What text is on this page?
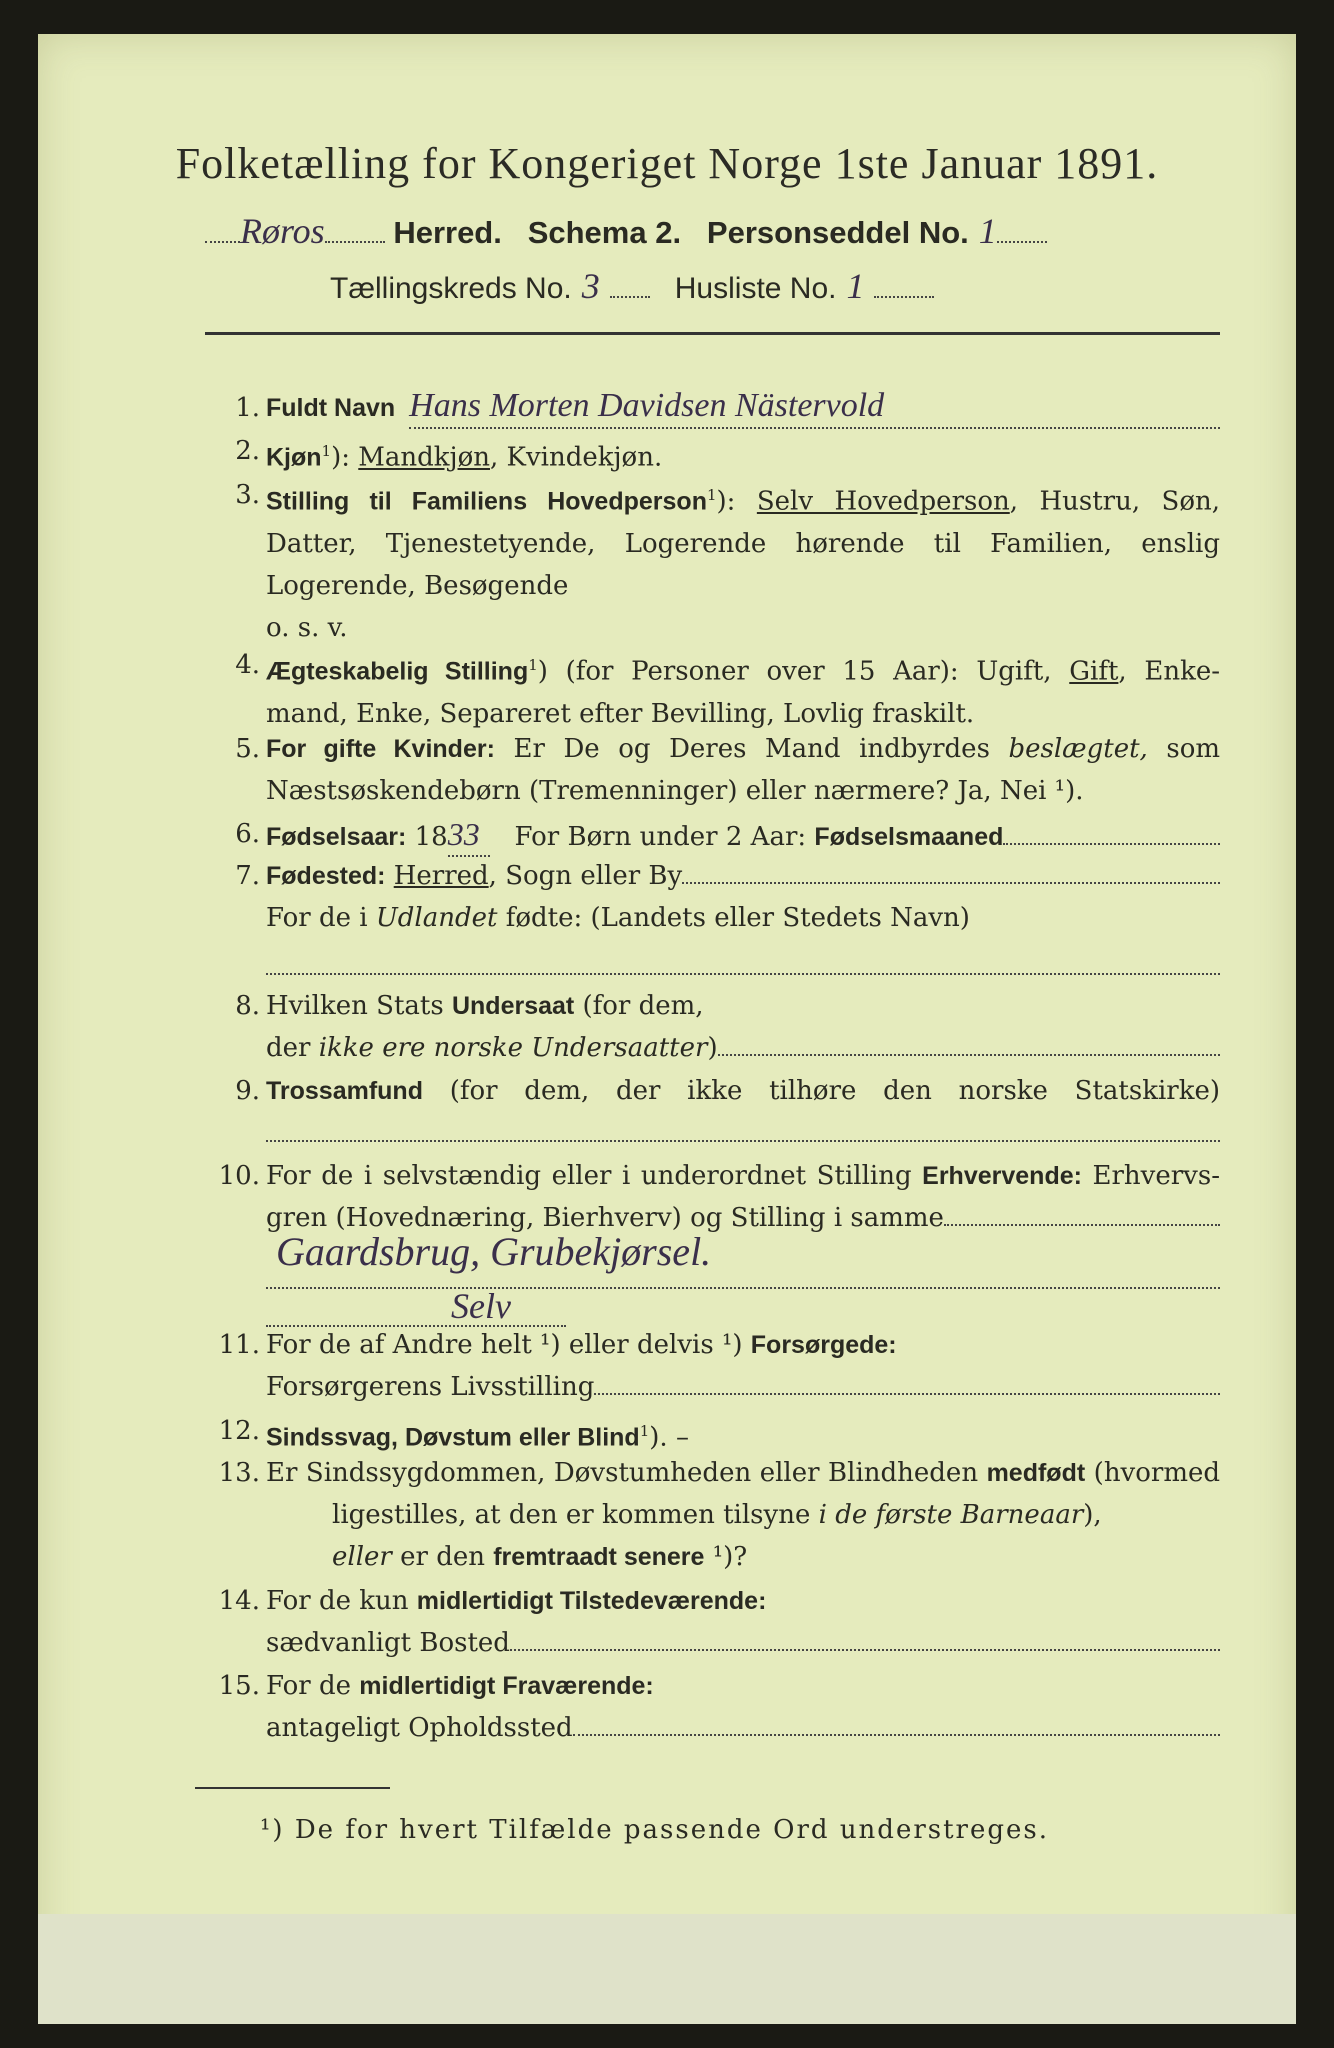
Folketælling for Kongeriget Norge 1ste Januar 1891.
Røros Herred. Schema 2. Personseddel No. 1
Tællingskreds No. 3	Husliste No. 1
1. Fuldt Navn Hans Morten Davidsen Nästervold
2. Kjøn$^1$): Mandkjøn, Kvindekjøn.
3. Stilling til Familiens Hovedperson$^1$): Selv Hovedperson, Hustru, Søn,
Datter, Tjenestetyende, Logerende hørende til Familien, enslig
Logerende, Besøgende
o. s. v.
4. Ægteskabelig Stilling$^1$) (for Personer over 15 Aar): Ugift, Gift, Enke-
mand, Enke, Separeret efter Bevilling, Lovlig fraskilt.
5. For gifte Kvinder: Er De og Deres Mand indbyrdes beslægtet, som
Næstsøskendebørn (Tremenninger) eller nærmere? Ja, Nei ¹).
6. Fødselsaar:
18 33
	For Børn under 2 Aar:
Fødselsmaaned
7. Fødested:
Herred , Sogn eller By
For de i Udlandet fødte: (Landets eller Stedets Navn)
8. Hvilken Stats Undersaat (for dem,
der
ikke ere norske Undersaatter )
9. Trossamfund (for dem, der ikke tilhøre den norske Statskirke)
10. For de i selvstændig eller i underordnet Stilling Erhvervende: Erhvervs-
gren (Hovednæring, Bierhverv) og Stilling i samme
Gaardsbrug, Grubekjørsel.
Selv
11. For de af Andre helt ¹) eller delvis ¹) Forsørgede:
Forsørgerens Livsstilling
12. Sindssvag, Døvstum eller Blind$^1$). –
13. Er Sindssygdommen, Døvstumheden eller Blindheden medfødt (hvormed
ligestilles, at den er kommen tilsyne i de første Barneaar),
eller er den fremtraadt senere ¹)?
14. For de kun midlertidigt Tilstedeværende:
sædvanligt Bosted
15. For de midlertidigt Fraværende:
antageligt Opholdssted
¹) De for hvert Tilfælde passende Ord understreges.
